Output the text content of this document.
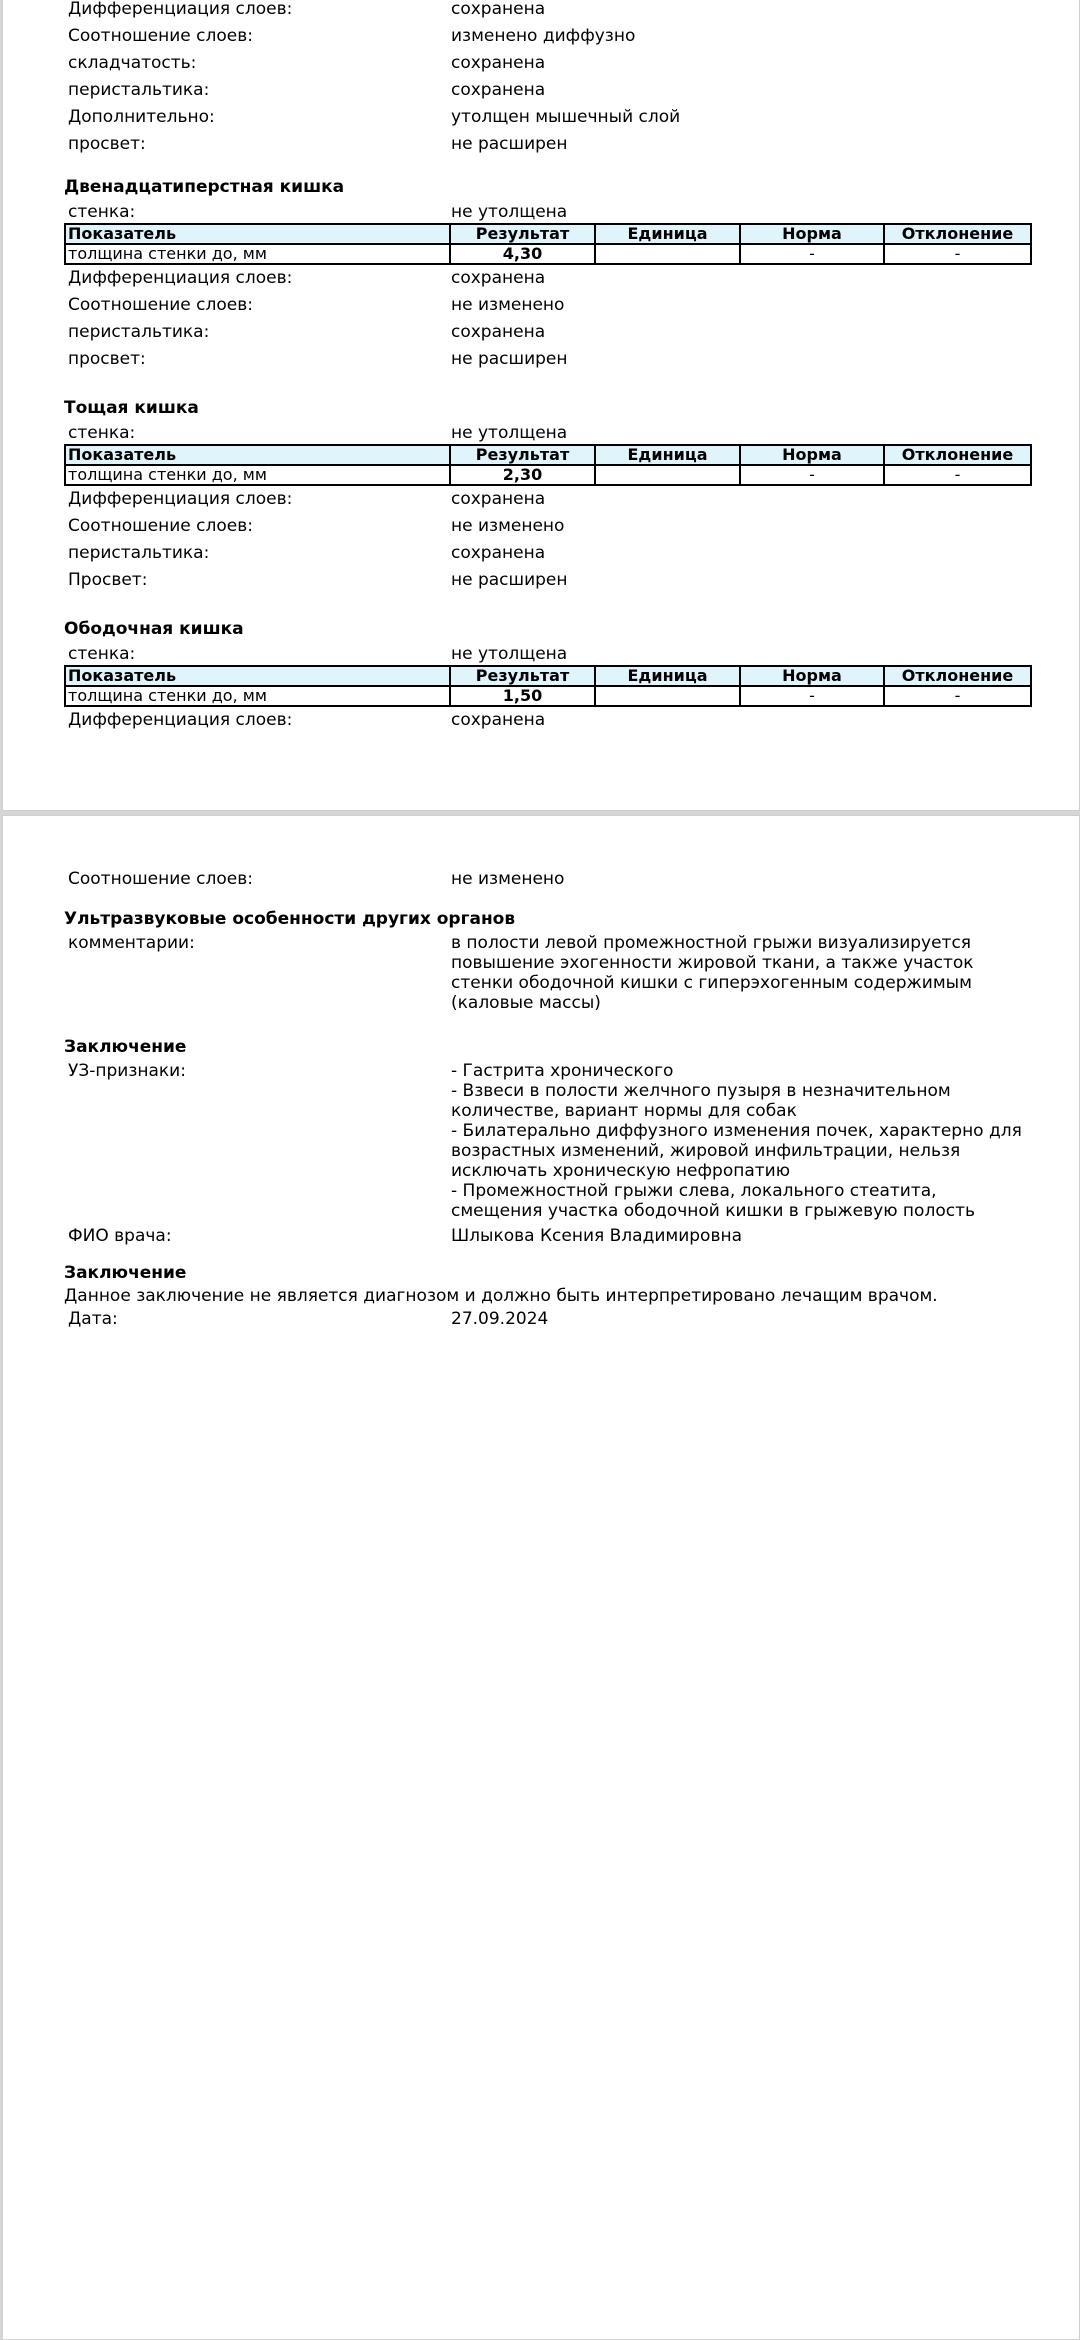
Дифференциация слоев:	сохранена
Соотношение слоев:	изменено диффузно
складчатость:	сохранена
перистальтика:	сохранена
Дополнительно:	утолщен мышечный слой
просвет:	не расширен
Двенадцатиперстная кишка
стенка:	не утолщена
Показатель	Результат	Единица	Норма	Отклонение
толщина стенки до, мм	4,30		-	-
Дифференциация слоев:	сохранена
Соотношение слоев:	не изменено
перистальтика:	сохранена
просвет:	не расширен
Тощая кишка
стенка:	не утолщена
Показатель	Результат	Единица	Норма	Отклонение
толщина стенки до, мм	2,30		-	-
Дифференциация слоев:	сохранена
Соотношение слоев:	не изменено
перистальтика:	сохранена
Просвет:	не расширен
Ободочная кишка
стенка:	не утолщена
Показатель	Результат	Единица	Норма	Отклонение
толщина стенки до, мм	1,50		-	-
Дифференциация слоев:	сохранена
Соотношение слоев:	не изменено
Ультразвуковые особенности других органов
комментарии:	в полости левой промежностной грыжи визуализируется
повышение эхогенности жировой ткани, а также участок
стенки ободочной кишки с гиперэхогенным содержимым
(каловые массы)
Заключение
УЗ-признаки:	- Гастрита хронического
- Взвеси в полости желчного пузыря в незначительном
количестве, вариант нормы для собак
- Билатерально диффузного изменения почек, характерно для
возрастных изменений, жировой инфильтрации, нельзя
исключать хроническую нефропатию
- Промежностной грыжи слева, локального стеатита,
смещения участка ободочной кишки в грыжевую полость
ФИО врача:	Шлыкова Ксения Владимировна
Заключение
Данное заключение не является диагнозом и должно быть интерпретировано лечащим врачом.
Дата:	27.09.2024
